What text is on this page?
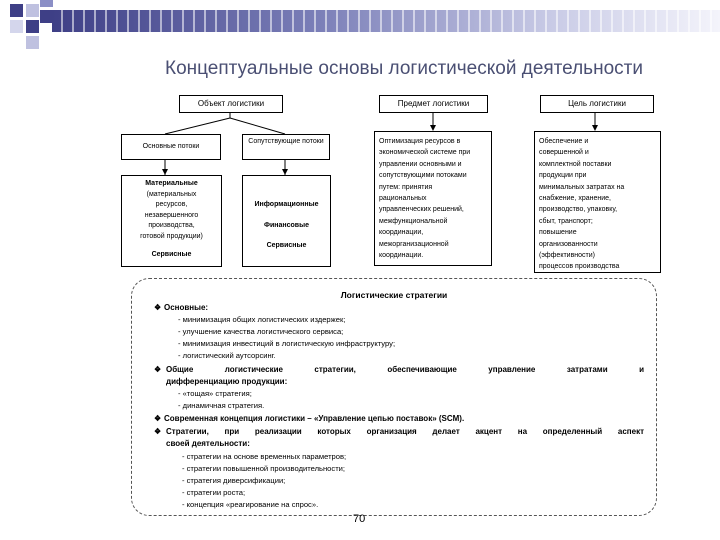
Концептуальные основы логистической деятельности
Объект логистики	Предмет логистики	Цель логистики
Основные потоки
Сопутствующие потоки
Материальные
(материальных
ресурсов,
незавершенного
производства,
готовой продукции)
Сервисные
Информационные
Финансовые
Сервисные
Оптимизация ресурсов в
экономической системе при
управлении основными и
сопутствующими потоками
путем: принятия
рациональных
управленческих решений,
межфункциональной
координации,
межорганизационной
координации.
Обеспечение и
совершенной и
комплектной поставки
продукции при
минимальных затратах на
снабжение, хранение,
производство, упаковку,
сбыт, транспорт;
повышение
организованности
(эффективности)
процессов производства
Логистические стратегии
❖ Основные:
- минимизация общих логистических издержек;
- улучшение качества логистического сервиса;
- минимизация инвестиций в логистическую инфраструктуру;
- логистический аутсорсинг.
❖ Общие логистические стратегии, обеспечивающие управление затратами и
дифференциацию продукции:
- «тощая» стратегия;
- динамичная стратегия.
❖ Современная концепция логистики – «Управление цепью поставок» (SCM).
❖ Стратегии, при реализации которых организация делает акцент на определенный аспект
своей деятельности:
- стратегии на основе временных параметров;
- стратегии повышенной производительности;
- стратегия диверсификации;
- стратегии роста;
- концепция «реагирование на спрос».
70
